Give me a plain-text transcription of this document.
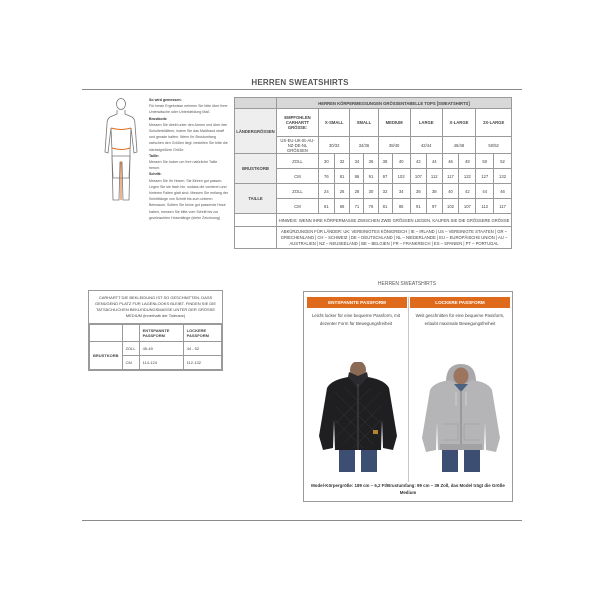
HERREN SWEATSHIRTS

So wird gemessen:

Für beste Ergebnisse nehmen Sie bitte über Ihrer Unterwäsche oder Unterkleidung Maß

Brustkorb:

Messen Sie direkt unter den Armen und über den Schulterblättern, indem Sie das Maßband straff und gerade halten. Wenn Ihr Brustumfang zwischen den Größen liegt, bestellen Sie bitte die nächstgrößere Größe.

Taille:

Messen Sie locker um Ihre natürliche Taille herum.

Schritt:

Messen Sie Ihr Hosen. Sie führen gut passen. Legen Sie sie flach hin, sodass die vorderen und hinteren Falten glatt sind. Messen Sie entlang der Schrittlänge von Schritt bis zum unteren Beinsaum. Sollten Sie keine gut passende Hose haben, messen Sie bitte vom Schritt bis zur gewünschten Hosenlänge (siehe Zeichnung)

	HERREN KÖRPERMESSUNGEN GRÖSSENTABELLE TOPS [SWEATSHIRTS]												
LÄNDERGRÖSSEN	EMPFOHLEN CARHARTT GRÖSSE:	X-SMALL		SMALL		MEDIUM		LARGE		X-LARGE		2X-LARGE	
	US-EU-UK-IE-AU-NZ-DE-NL GRÖSSEN	30/32		34/36		38/40		42/44		46/48		50/52	
BRUSTKORB	ZOLL	30	32	34	36	38	40	42	44	46	48	50	52
	CM	76	81	86	91	97	102	107	112	117	122	127	132
TAILLE	ZOLL	24	26	28	30	32	34	36	38	40	42	44	46
	CM	61	66	71	76	81	86	91	97	102	107	112	117
	HINWEIS: WENN IHRE KÖRPERMASSE ZWISCHEN ZWEI GRÖSSEN LIEGEN, KAUFEN SIE DIE GRÖSSERE GRÖSSE												
	ABKÜRZUNGEN FÜR LÄNDER: UK: VEREINIGTES KÖNIGREICH | IE – IRLAND | US – VEREINIGTE STAATEN | GR – GRIECHENLAND | CH – SCHWEIZ | DE – DEUTSCHLAND | NL – NIEDERLANDE | EU – EUROPÄISCHE UNION | AU – AUSTRALIEN | NZ – NEUSEELAND | BE – BELGIEN | FR – FRANKREICH | ES – SPANIEN | PT – PORTUGAL												
CARHARTT DIE BEKLEIDUNG IST SO GESCHNITTEN, DASS GENÜGEND PLATZ FÜR LAGENLOOKS BLEIBT. FINDEN SIE DIE TATSÄCHLICHEN BEKLEIDUNGSMASSE UNTER DER GRÖSSE MEDIUM (innerhalb der Toleranz)
		ENTSPANNTE PASSFORM	LOCKERE PASSFORM
BRUSTKORB	ZOLL	45-49	44 - 52
	CM	114-124	112-132
HERREN SWEATSHIRTS
ENTSPANNTE PASSFORM	LOCKERE PASSFORM
Leicht locker für eine bequeme Passform, mit dezenter Form für Bewegungsfreiheit
Weit geschnitten für eine bequeme Passform, erlaubt maximale Bewegungsfreiheit
Model-Körpergröße: 189 cm – 6,2 Ft/Brustumfang: 99 cm – 39 Zoll, das Model trägt die Größe Medium
